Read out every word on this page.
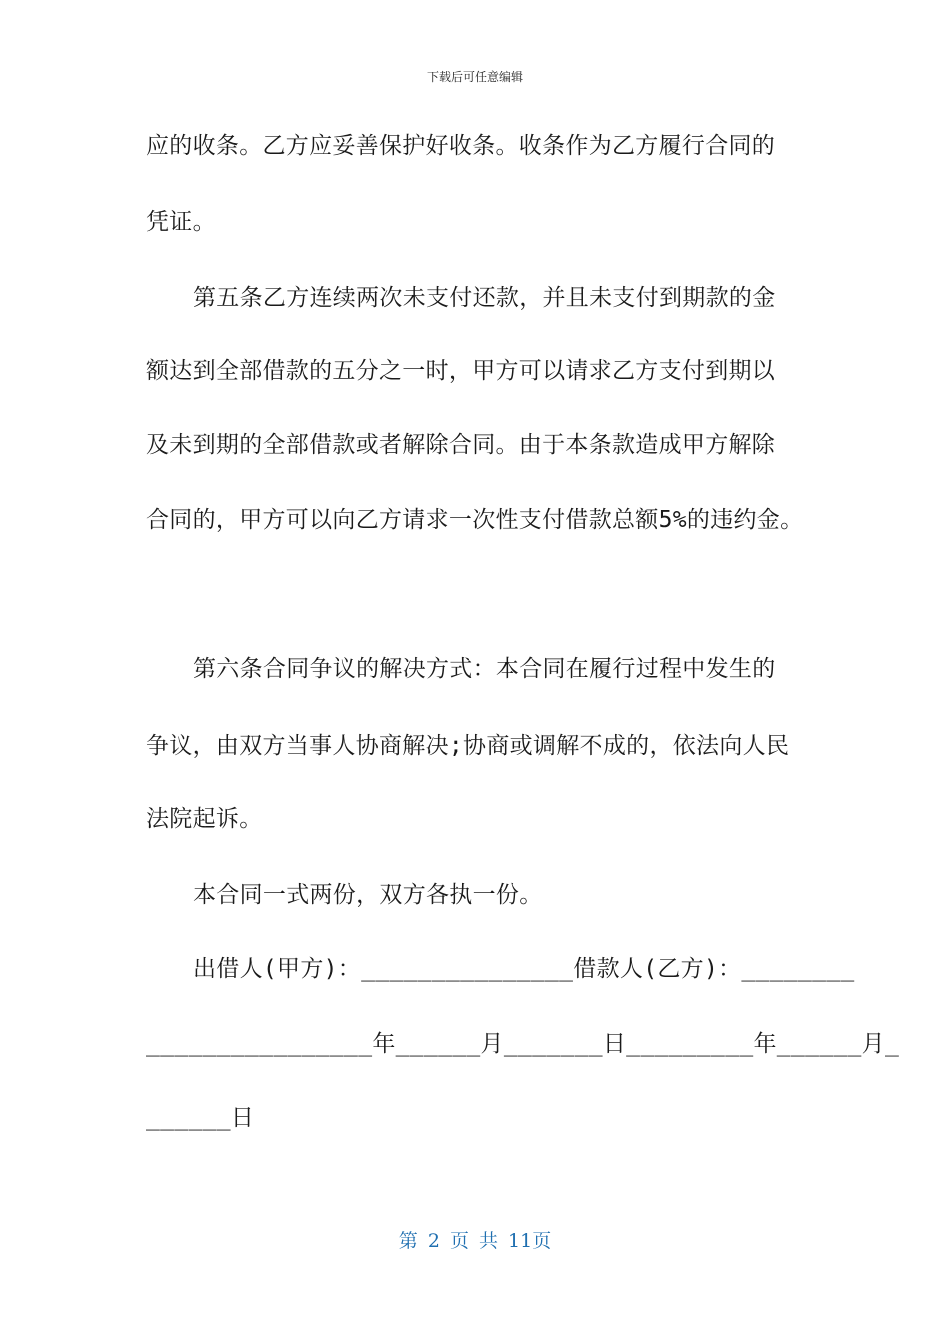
下载后可任意编辑
应的收条。乙方应妥善保护好收条。收条作为乙方履行合同的
凭证。
第五条乙方连续两次未支付还款，并且未支付到期款的金
额达到全部借款的五分之一时，甲方可以请求乙方支付到期以
及未到期的全部借款或者解除合同。由于本条款造成甲方解除
合同的，甲方可以向乙方请求一次性支付借款总额5%的违约金。
第六条合同争议的解决方式：本合同在履行过程中发生的
争议，由双方当事人协商解决;协商或调解不成的，依法向人民
法院起诉。
本合同一式两份，双方各执一份。
出借人(甲方)：_______________借款人(乙方)：________
________________年______月_______日_________年______月_
______日
第 2 页 共 11页
